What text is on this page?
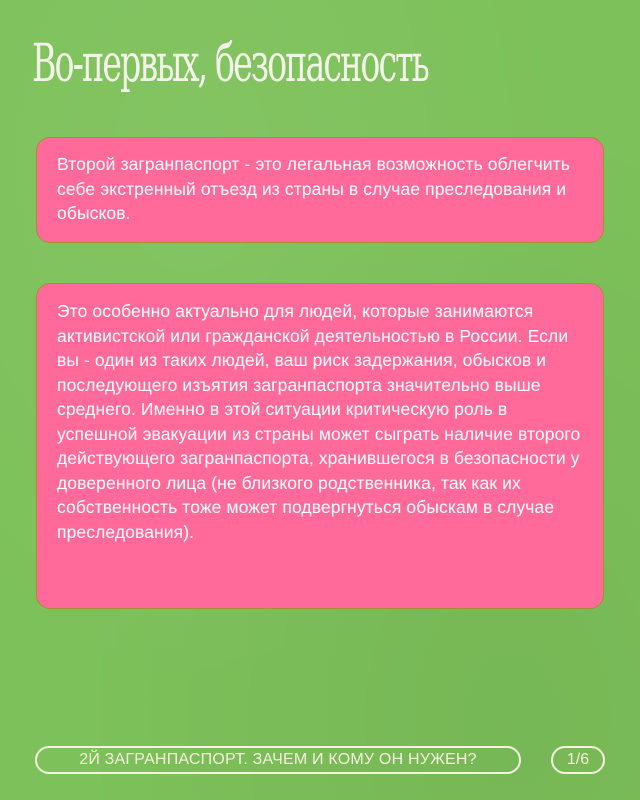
Во-первых, безопасность

Второй загранпаспорт - это легальная возможность облегчить себе экстренный отъезд из страны в случае преследования и обысков.

Это особенно актуально для людей, которые занимаются активистской или гражданской деятельностью в России. Если вы - один из таких людей, ваш риск задержания, обысков и последующего изъятия загранпаспорта значительно выше среднего. Именно в этой ситуации критическую роль в успешной эвакуации из страны может сыграть наличие второго действующего загранпаспорта, хранившегося в безопасности у доверенного лица (не близкого родственника, так как их собственность тоже может подвергнуться обыскам в случае преследования).

2Й ЗАГРАНПАСПОРТ. ЗАЧЕМ И КОМУ ОН НУЖЕН?	1/6
